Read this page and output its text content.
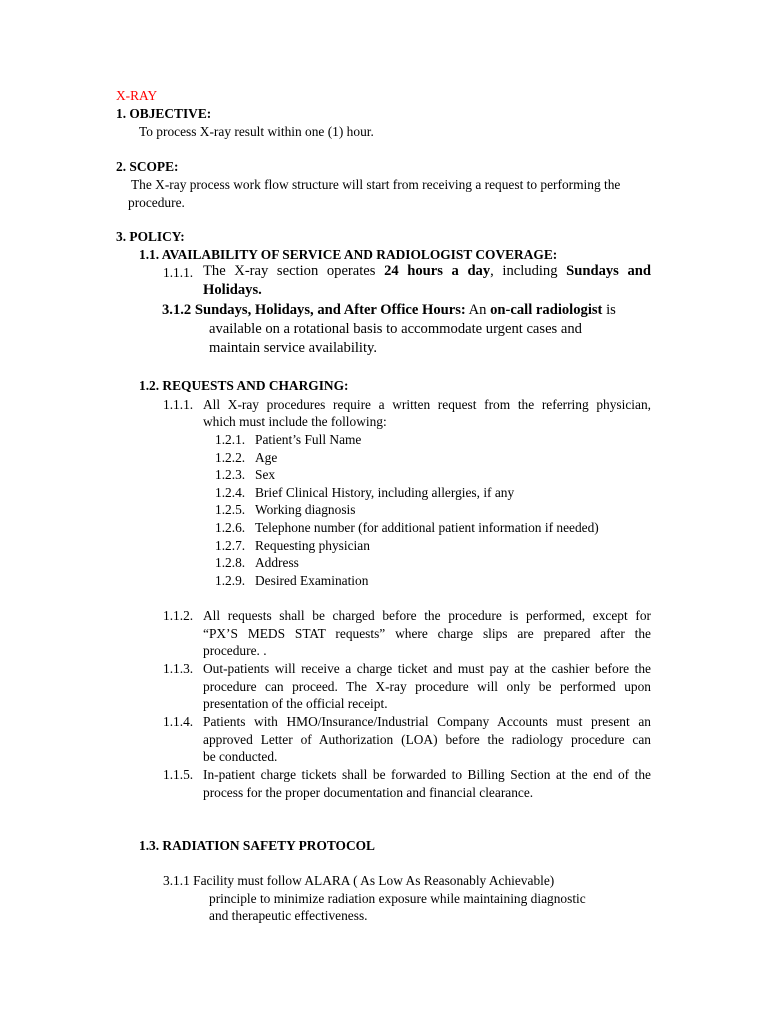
X-RAY
1. OBJECTIVE:
To process X-ray result within one (1) hour.
2. SCOPE:
The X-ray process work flow structure will start from receiving a request to performing the
procedure.
3. POLICY:
1.1. AVAILABILITY OF SERVICE AND RADIOLOGIST COVERAGE:
1.1.1. The X-ray section operates 24 hours a day, including Sundays and
Holidays.
3.1.2 Sundays, Holidays, and After Office Hours: An on-call radiologist is
available on a rotational basis to accommodate urgent cases and
maintain service availability.
1.2. REQUESTS AND CHARGING:
1.1.1. All X-ray procedures require a written request from the referring physician,
which must include the following:
1.2.1. Patient’s Full Name
1.2.2. Age
1.2.3. Sex
1.2.4. Brief Clinical History, including allergies, if any
1.2.5. Working diagnosis
1.2.6. Telephone number (for additional patient information if needed)
1.2.7. Requesting physician
1.2.8. Address
1.2.9. Desired Examination
1.1.2. All requests shall be charged before the procedure is performed, except for
“PX’S MEDS STAT requests” where charge slips are prepared after the
procedure. .
1.1.3. Out-patients will receive a charge ticket and must pay at the cashier before the
procedure can proceed. The X-ray procedure will only be performed upon
presentation of the official receipt.
1.1.4. Patients with HMO/Insurance/Industrial Company Accounts must present an
approved Letter of Authorization (LOA) before the radiology procedure can
be conducted.
1.1.5. In-patient charge tickets shall be forwarded to Billing Section at the end of the
process for the proper documentation and financial clearance.
1.3. RADIATION SAFETY PROTOCOL
3.1.1 Facility must follow ALARA ( As Low As Reasonably Achievable)
principle to minimize radiation exposure while maintaining diagnostic
and therapeutic effectiveness.
